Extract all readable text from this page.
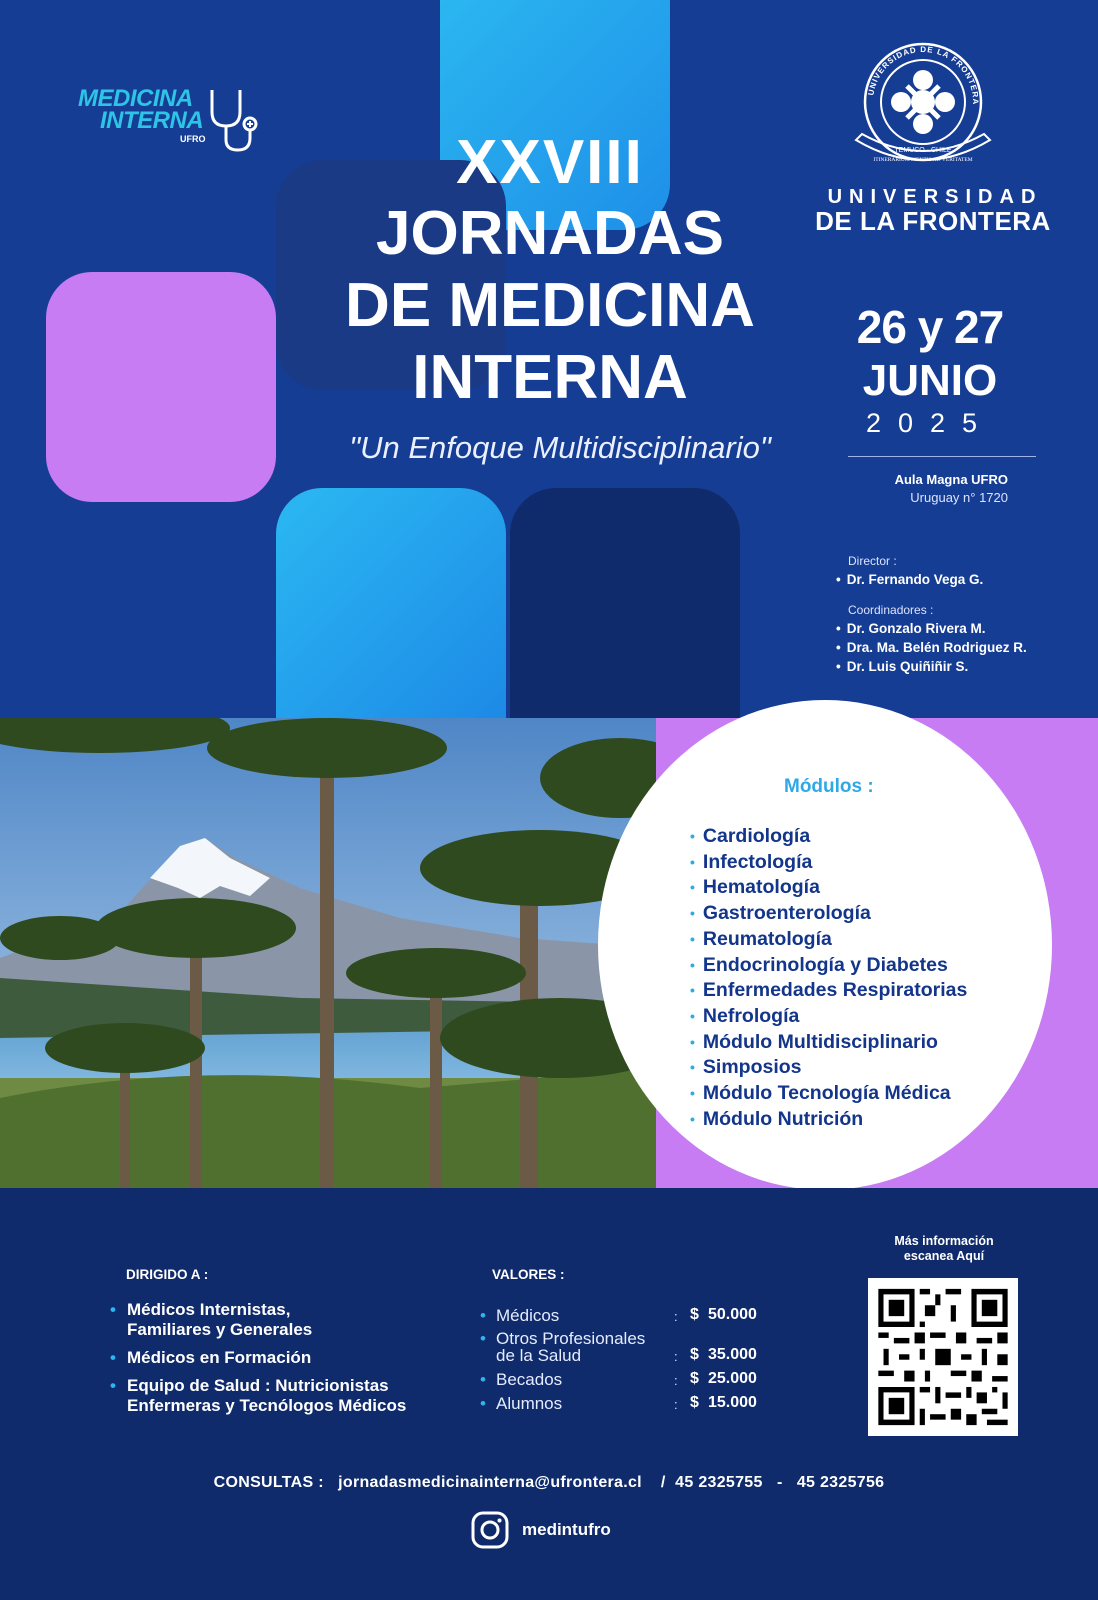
MEDICINA
INTERNA
UFRO	XXVIII
JORNADAS
DE MEDICINA
INTERNA
"Un Enfoque Multidisciplinario"
UNIVERSIDAD DE LA FRONTERA
TEMUCO · CHILE
ITINERARIUM MENTIS AD VERITATEM
UNIVERSIDAD
DE LA FRONTERA
26 y 27
JUNIO
2025
Aula Magna UFRO
Uruguay n° 1720
Director :
• Dr. Fernando Vega G.
Coordinadores :
• Dr. Gonzalo Rivera M.
• Dra. Ma. Belén Rodriguez R.
• Dr. Luis Quiñiñir S.
Módulos :
• Cardiología
• Infectología
• Hematología
• Gastroenterología
• Reumatología
• Endocrinología y Diabetes
• Enfermedades Respiratorias
• Nefrología
• Módulo Multidisciplinario
• Simposios
• Módulo Tecnología Médica
• Módulo Nutrición
DIRIGIDO A :
• Médicos Internistas,
Familiares y Generales
• Médicos en Formación
• Equipo de Salud : Nutricionistas
Enfermeras y Tecnólogos Médicos
VALORES :
• Médicos	:	$	50.000

• Otros Profesionales
de la Salud	:	$	35.000
• Becados	:	$	25.000
• Alumnos	:	$	15.000
Más información
escanea Aquí
CONSULTAS : jornadasmedicinainterna@ufrontera.cl / 45 2325755 - 45 2325756
medintufro
